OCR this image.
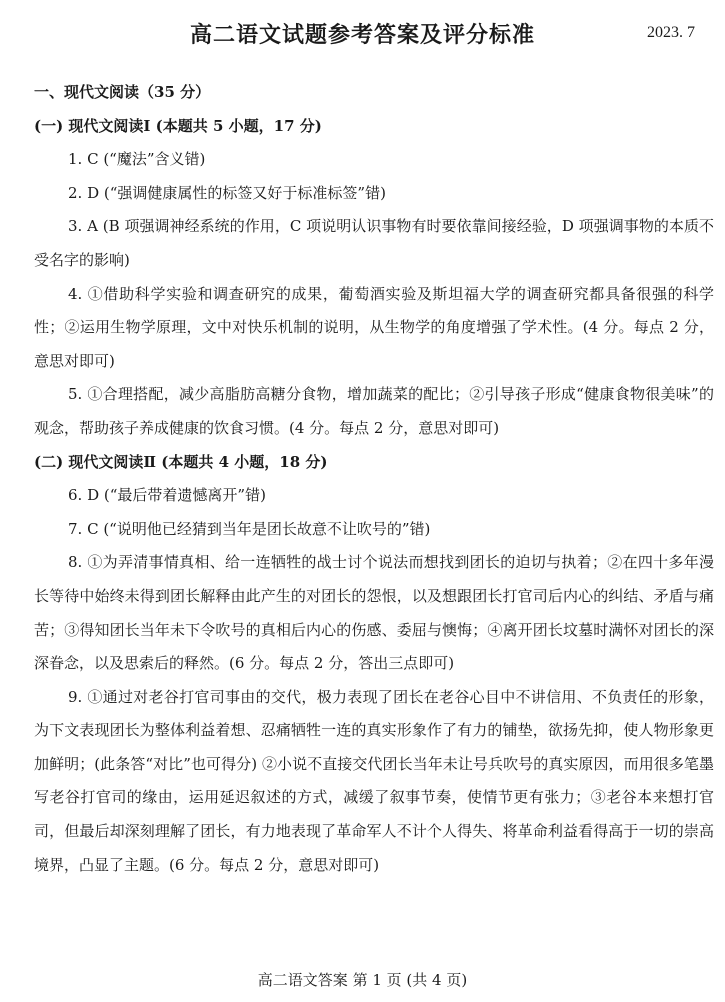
高二语文试题参考答案及评分标准	2023. 7

一、现代文阅读（35 分）

(一) 现代文阅读Ⅰ (本题共 5 小题，17 分)

1. C (“魔法”含义错)

2. D (“强调健康属性的标签又好于标准标签”错)

3. A (B 项强调神经系统的作用，C 项说明认识事物有时要依靠间接经验，D 项强调事物的本质不受名字的影响)

4. ①借助科学实验和调查研究的成果，葡萄酒实验及斯坦福大学的调查研究都具备很强的科学性；②运用生物学原理，文中对快乐机制的说明，从生物学的角度增强了学术性。(4 分。每点 2 分，意思对即可)

5. ①合理搭配，减少高脂肪高糖分食物，增加蔬菜的配比；②引导孩子形成“健康食物很美味”的观念，帮助孩子养成健康的饮食习惯。(4 分。每点 2 分，意思对即可)

(二) 现代文阅读Ⅱ (本题共 4 小题，18 分)

6. D (“最后带着遗憾离开”错)

7. C (“说明他已经猜到当年是团长故意不让吹号的”错)

8. ①为弄清事情真相、给一连牺牲的战士讨个说法而想找到团长的迫切与执着；②在四十多年漫长等待中始终未得到团长解释由此产生的对团长的怨恨，以及想跟团长打官司后内心的纠结、矛盾与痛苦；③得知团长当年未下令吹号的真相后内心的伤感、委屈与懊悔；④离开团长坟墓时满怀对团长的深深眷念，以及思索后的释然。(6 分。每点 2 分，答出三点即可)

9. ①通过对老谷打官司事由的交代，极力表现了团长在老谷心目中不讲信用、不负责任的形象，为下文表现团长为整体利益着想、忍痛牺牲一连的真实形象作了有力的铺垫，欲扬先抑，使人物形象更加鲜明；(此条答“对比”也可得分) ②小说不直接交代团长当年未让号兵吹号的真实原因，而用很多笔墨写老谷打官司的缘由，运用延迟叙述的方式，减缓了叙事节奏，使情节更有张力；③老谷本来想打官司，但最后却深刻理解了团长，有力地表现了革命军人不计个人得失、将革命利益看得高于一切的崇高境界，凸显了主题。(6 分。每点 2 分，意思对即可)

高二语文答案 第 1 页 (共 4 页)
